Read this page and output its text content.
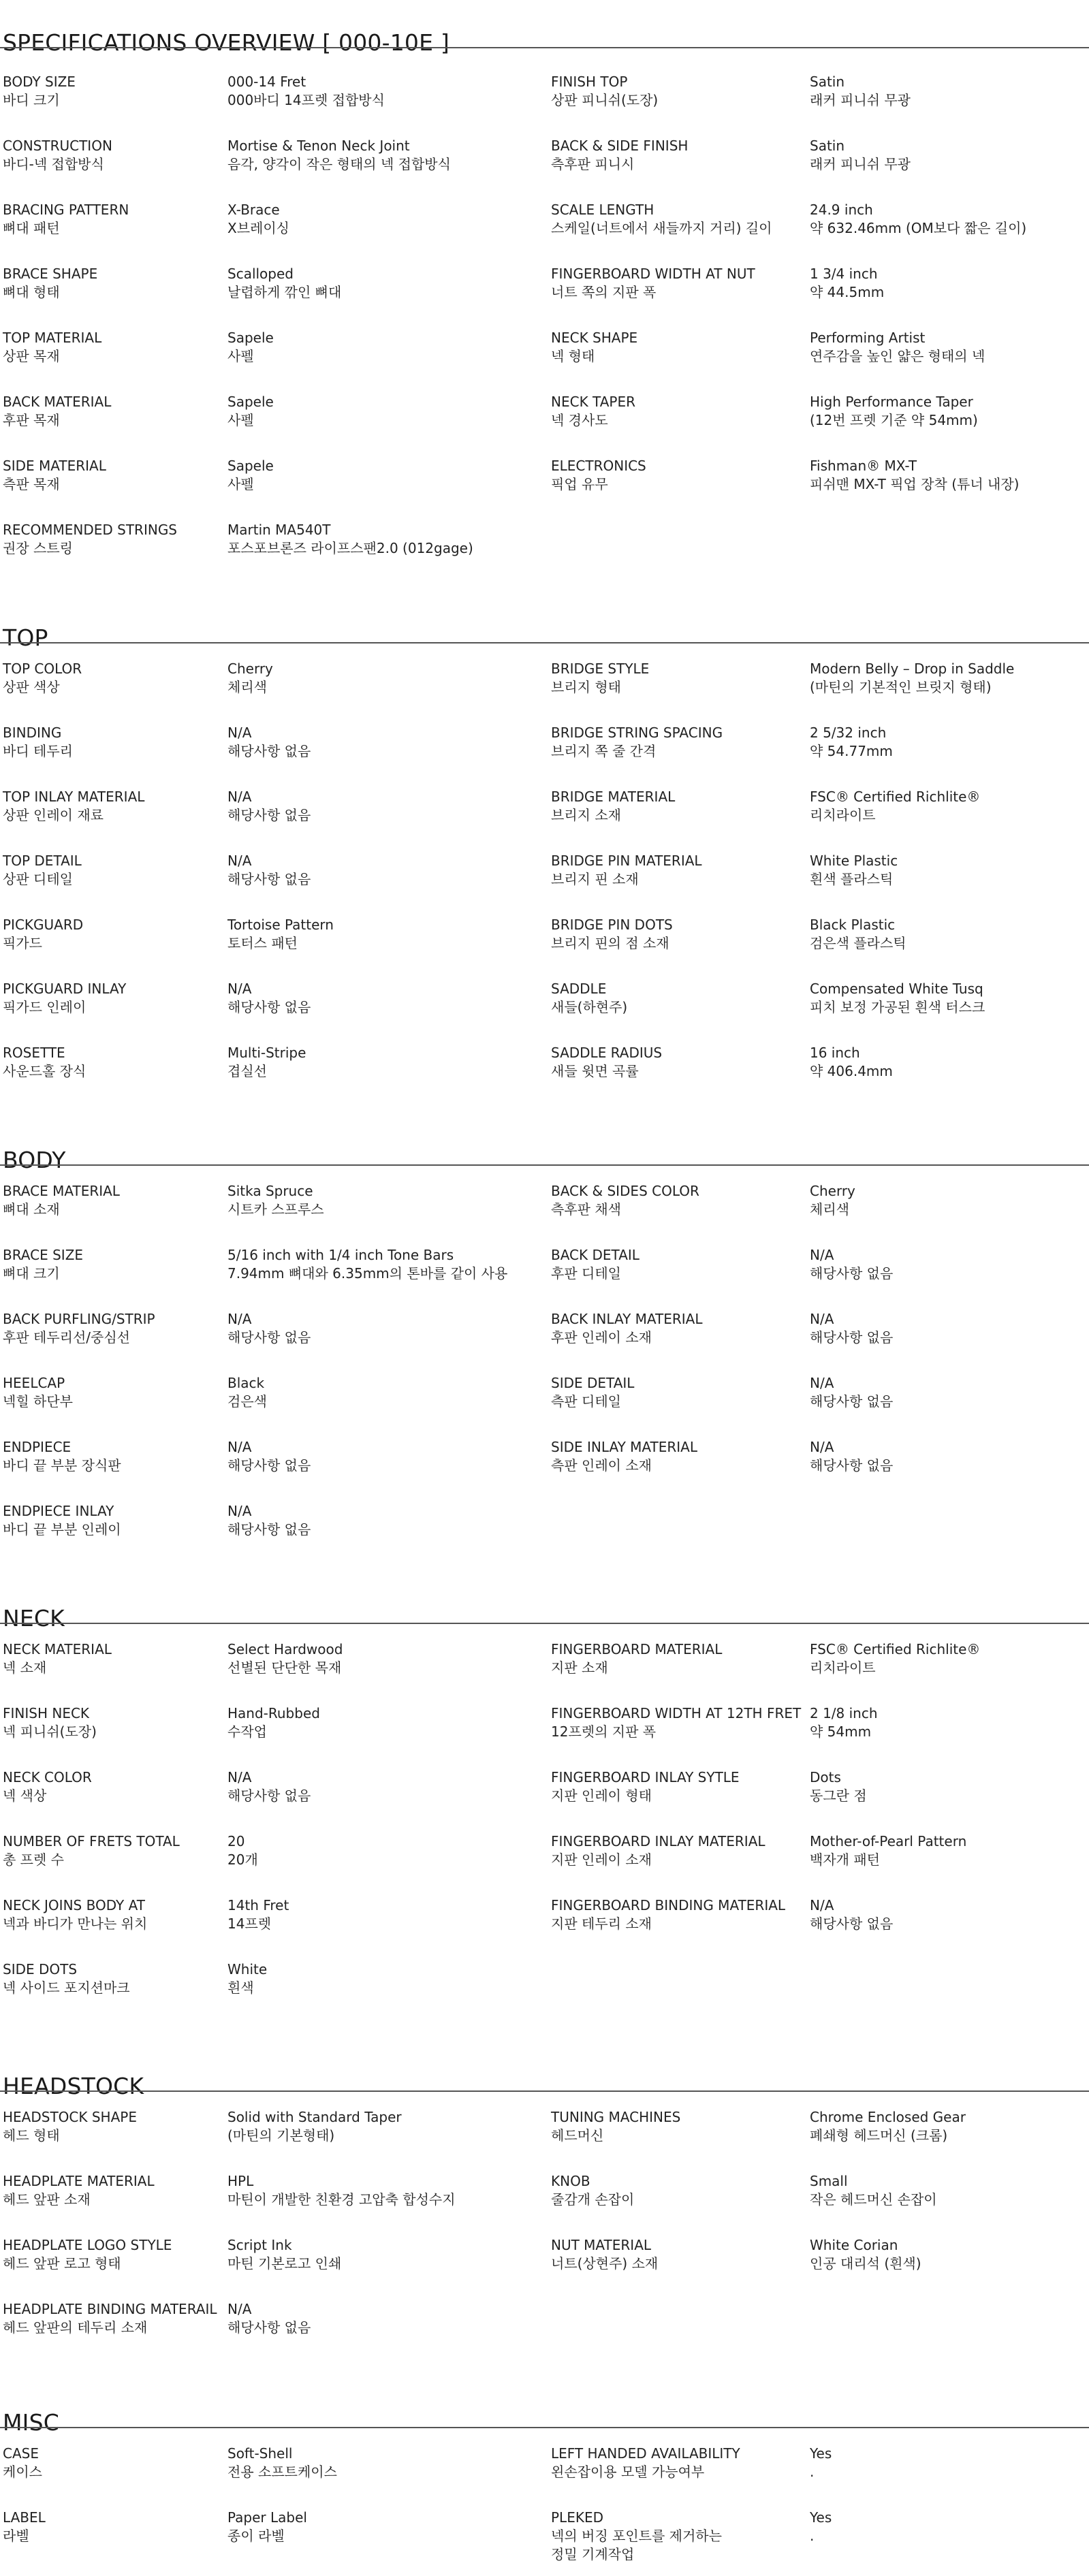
SPECIFICATIONS OVERVIEW [ 000-10E ]
BODY SIZE
바디 크기
000-14 Fret
000바디 14프렛 접합방식
FINISH TOP
상판 피니쉬(도장)
Satin
래커 피니쉬 무광
CONSTRUCTION
바디-넥 접합방식
Mortise & Tenon Neck Joint
음각, 양각이 작은 형태의 넥 접합방식
BACK & SIDE FINISH
측후판 피니시
Satin
래커 피니쉬 무광
BRACING PATTERN
뼈대 패턴
X-Brace
X브레이싱
SCALE LENGTH
스케일(너트에서 새들까지 거리) 길이
24.9 inch
약 632.46mm (OM보다 짧은 길이)
BRACE SHAPE
뼈대 형태
Scalloped
날렵하게 깎인 뼈대
FINGERBOARD WIDTH AT NUT
너트 쪽의 지판 폭
1 3/4 inch
약 44.5mm
TOP MATERIAL
상판 목재
Sapele
사펠
NECK SHAPE
넥 형태
Performing Artist
연주감을 높인 얇은 형태의 넥
BACK MATERIAL
후판 목재
Sapele
사펠
NECK TAPER
넥 경사도
High Performance Taper
(12번 프렛 기준 약 54mm)
SIDE MATERIAL
측판 목재
Sapele
사펠
ELECTRONICS
픽업 유무
Fishman® MX-T
피쉬맨 MX-T 픽업 장착 (튜너 내장)
RECOMMENDED STRINGS
권장 스트링
Martin MA540T
포스포브론즈 라이프스팬2.0 (012gage)
TOP
TOP COLOR
상판 색상
Cherry
체리색
BRIDGE STYLE
브리지 형태
Modern Belly – Drop in Saddle
(마틴의 기본적인 브릿지 형태)
BINDING
바디 테두리
N/A
해당사항 없음
BRIDGE STRING SPACING
브리지 쪽 줄 간격
2 5/32 inch
약 54.77mm
TOP INLAY MATERIAL
상판 인레이 재료
N/A
해당사항 없음
BRIDGE MATERIAL
브리지 소재
FSC® Certified Richlite®
리치라이트
TOP DETAIL
상판 디테일
N/A
해당사항 없음
BRIDGE PIN MATERIAL
브리지 핀 소재
White Plastic
흰색 플라스틱
PICKGUARD
픽가드
Tortoise Pattern
토터스 패턴
BRIDGE PIN DOTS
브리지 핀의 점 소재
Black Plastic
검은색 플라스틱
PICKGUARD INLAY
픽가드 인레이
N/A
해당사항 없음
SADDLE
새들(하현주)
Compensated White Tusq
피치 보정 가공된 흰색 터스크
ROSETTE
사운드홀 장식
Multi-Stripe
겹실선
SADDLE RADIUS
새들 윗면 곡률
16 inch
약 406.4mm
BODY
BRACE MATERIAL
뼈대 소재
Sitka Spruce
시트카 스프루스
BACK & SIDES COLOR
측후판 채색
Cherry
체리색
BRACE SIZE
뼈대 크기
5/16 inch with 1/4 inch Tone Bars
7.94mm 뼈대와 6.35mm의 톤바를 같이 사용
BACK DETAIL
후판 디테일
N/A
해당사항 없음
BACK PURFLING/STRIP
후판 테두리선/중심선
N/A
해당사항 없음
BACK INLAY MATERIAL
후판 인레이 소재
N/A
해당사항 없음
HEELCAP
넥힐 하단부
Black
검은색
SIDE DETAIL
측판 디테일
N/A
해당사항 없음
ENDPIECE
바디 끝 부분 장식판
N/A
해당사항 없음
SIDE INLAY MATERIAL
측판 인레이 소재
N/A
해당사항 없음
ENDPIECE INLAY
바디 끝 부분 인레이
N/A
해당사항 없음
NECK
NECK MATERIAL
넥 소재
Select Hardwood
선별된 단단한 목재
FINGERBOARD MATERIAL
지판 소재
FSC® Certified Richlite®
리치라이트
FINISH NECK
넥 피니쉬(도장)
Hand-Rubbed
수작업
FINGERBOARD WIDTH AT 12TH FRET
12프렛의 지판 폭
2 1/8 inch
약 54mm
NECK COLOR
넥 색상
N/A
해당사항 없음
FINGERBOARD INLAY SYTLE
지판 인레이 형태
Dots
동그란 점
NUMBER OF FRETS TOTAL
총 프렛 수
20
20개
FINGERBOARD INLAY MATERIAL
지판 인레이 소재
Mother-of-Pearl Pattern
백자개 패턴
NECK JOINS BODY AT
넥과 바디가 만나는 위치
14th Fret
14프렛
FINGERBOARD BINDING MATERIAL
지판 테두리 소재
N/A
해당사항 없음
SIDE DOTS
넥 사이드 포지션마크
White
흰색
HEADSTOCK
HEADSTOCK SHAPE
헤드 형태
Solid with Standard Taper
(마틴의 기본형태)
TUNING MACHINES
헤드머신
Chrome Enclosed Gear
폐쇄형 헤드머신 (크롬)
HEADPLATE MATERIAL
헤드 앞판 소재
HPL
마틴이 개발한 친환경 고압축 합성수지
KNOB
줄감개 손잡이
Small
작은 헤드머신 손잡이
HEADPLATE LOGO STYLE
헤드 앞판 로고 형태
Script Ink
마틴 기본로고 인쇄
NUT MATERIAL
너트(상현주) 소재
White Corian
인공 대리석 (흰색)
HEADPLATE BINDING MATERAIL
헤드 앞판의 테두리 소재
N/A
해당사항 없음
MISC
CASE
케이스
Soft-Shell
전용 소프트케이스
LEFT HANDED AVAILABILITY
왼손잡이용 모델 가능여부
Yes
.
LABEL
라벨
Paper Label
종이 라벨
PLEKED
넥의 버징 포인트를 제거하는
정밀 기계작업
Yes
.
